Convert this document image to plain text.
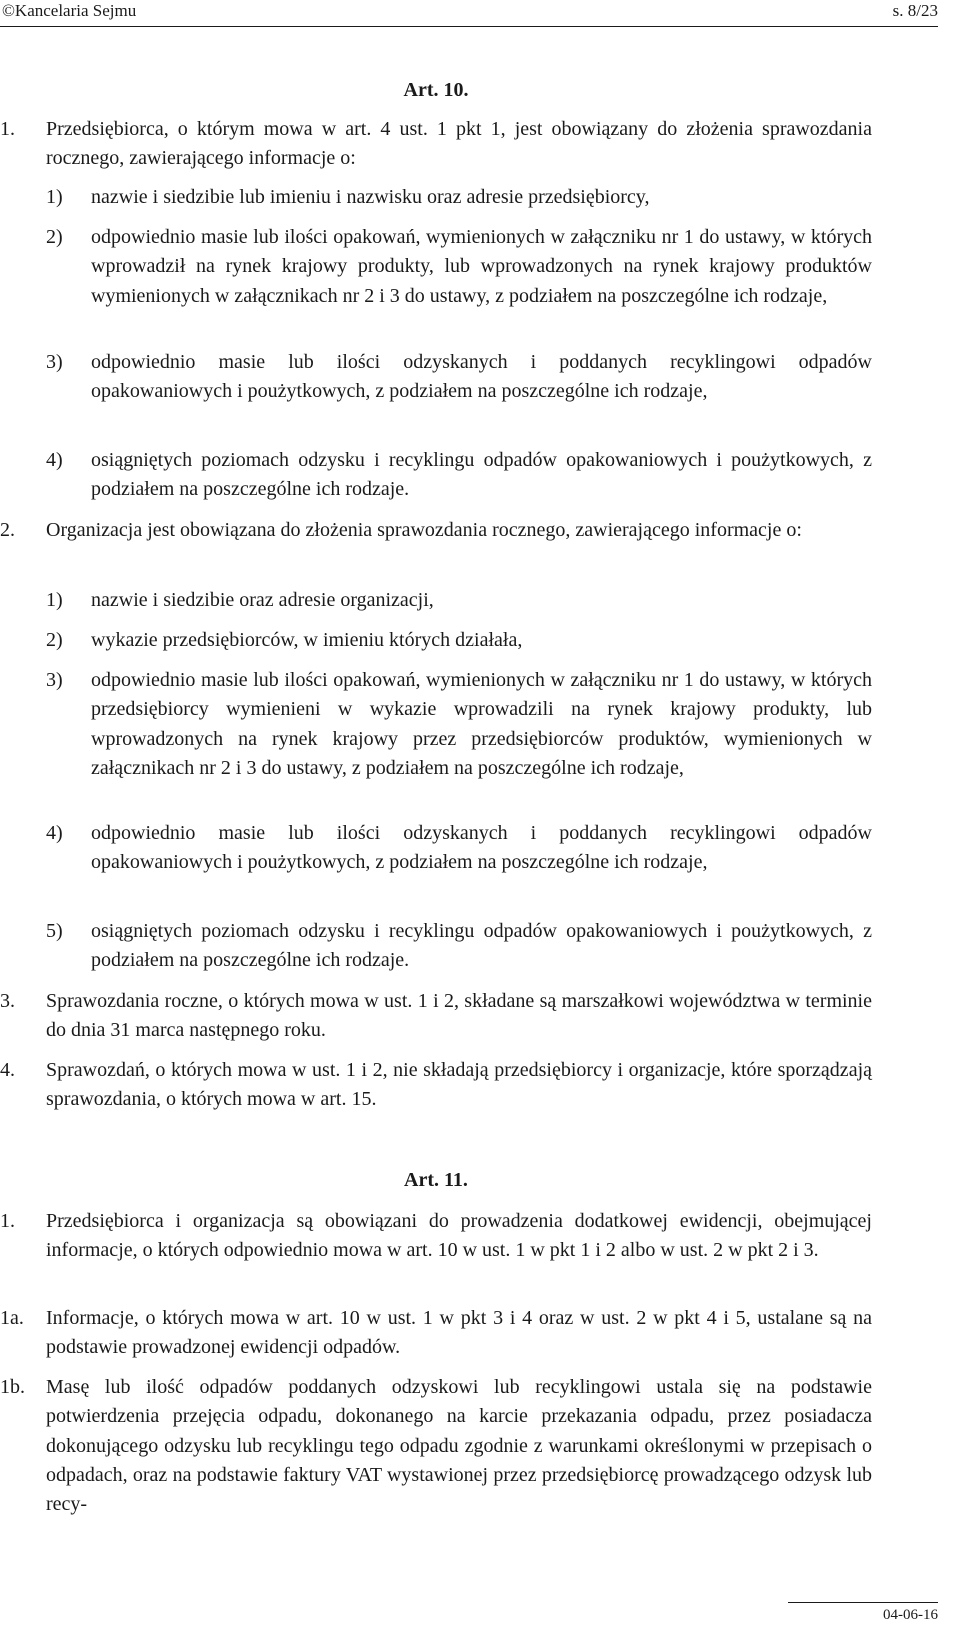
©Kancelaria Sejmu	s. 8/23
Art. 10.
1. Przedsiębiorca, o którym mowa w art. 4 ust. 1 pkt 1, jest obowiązany do złożenia sprawozdania rocznego, zawierającego informacje o:
1) nazwie i siedzibie lub imieniu i nazwisku oraz adresie przedsiębiorcy,
2) odpowiednio masie lub ilości opakowań, wymienionych w załączniku nr 1 do ustawy, w których wprowadził na rynek krajowy produkty, lub wprowadzonych na rynek krajowy produktów wymienionych w załącznikach nr 2 i 3 do ustawy, z podziałem na poszczególne ich rodzaje,
3) odpowiednio masie lub ilości odzyskanych i poddanych recyklingowi odpadów opakowaniowych i poużytkowych, z podziałem na poszczególne ich rodzaje,
4) osiągniętych poziomach odzysku i recyklingu odpadów opakowaniowych i poużytkowych, z podziałem na poszczególne ich rodzaje.
2. Organizacja jest obowiązana do złożenia sprawozdania rocznego, zawierającego informacje o:
1) nazwie i siedzibie oraz adresie organizacji,
2) wykazie przedsiębiorców, w imieniu których działała,
3) odpowiednio masie lub ilości opakowań, wymienionych w załączniku nr 1 do ustawy, w których przedsiębiorcy wymienieni w wykazie wprowadzili na rynek krajowy produkty, lub wprowadzonych na rynek krajowy przez przedsiębiorców produktów, wymienionych w załącznikach nr 2 i 3 do ustawy, z podziałem na poszczególne ich rodzaje,
4) odpowiednio masie lub ilości odzyskanych i poddanych recyklingowi odpadów opakowaniowych i poużytkowych, z podziałem na poszczególne ich rodzaje,
5) osiągniętych poziomach odzysku i recyklingu odpadów opakowaniowych i poużytkowych, z podziałem na poszczególne ich rodzaje.
3. Sprawozdania roczne, o których mowa w ust. 1 i 2, składane są marszałkowi województwa w terminie do dnia 31 marca następnego roku.
4. Sprawozdań, o których mowa w ust. 1 i 2, nie składają przedsiębiorcy i organizacje, które sporządzają sprawozdania, o których mowa w art. 15.
Art. 11.
1. Przedsiębiorca i organizacja są obowiązani do prowadzenia dodatkowej ewidencji, obejmującej informacje, o których odpowiednio mowa w art. 10 w ust. 1 w pkt 1 i 2 albo w ust. 2 w pkt 2 i 3.
1a. Informacje, o których mowa w art. 10 w ust. 1 w pkt 3 i 4 oraz w ust. 2 w pkt 4 i 5, ustalane są na podstawie prowadzonej ewidencji odpadów.
1b. Masę lub ilość odpadów poddanych odzyskowi lub recyklingowi ustala się na podstawie potwierdzenia przejęcia odpadu, dokonanego na karcie przekazania odpadu, przez posiadacza dokonującego odzysku lub recyklingu tego odpadu zgodnie z warunkami określonymi w przepisach o odpadach, oraz na podstawie faktury VAT wystawionej przez przedsiębiorcę prowadzącego odzysk lub recy-
04-06-16
